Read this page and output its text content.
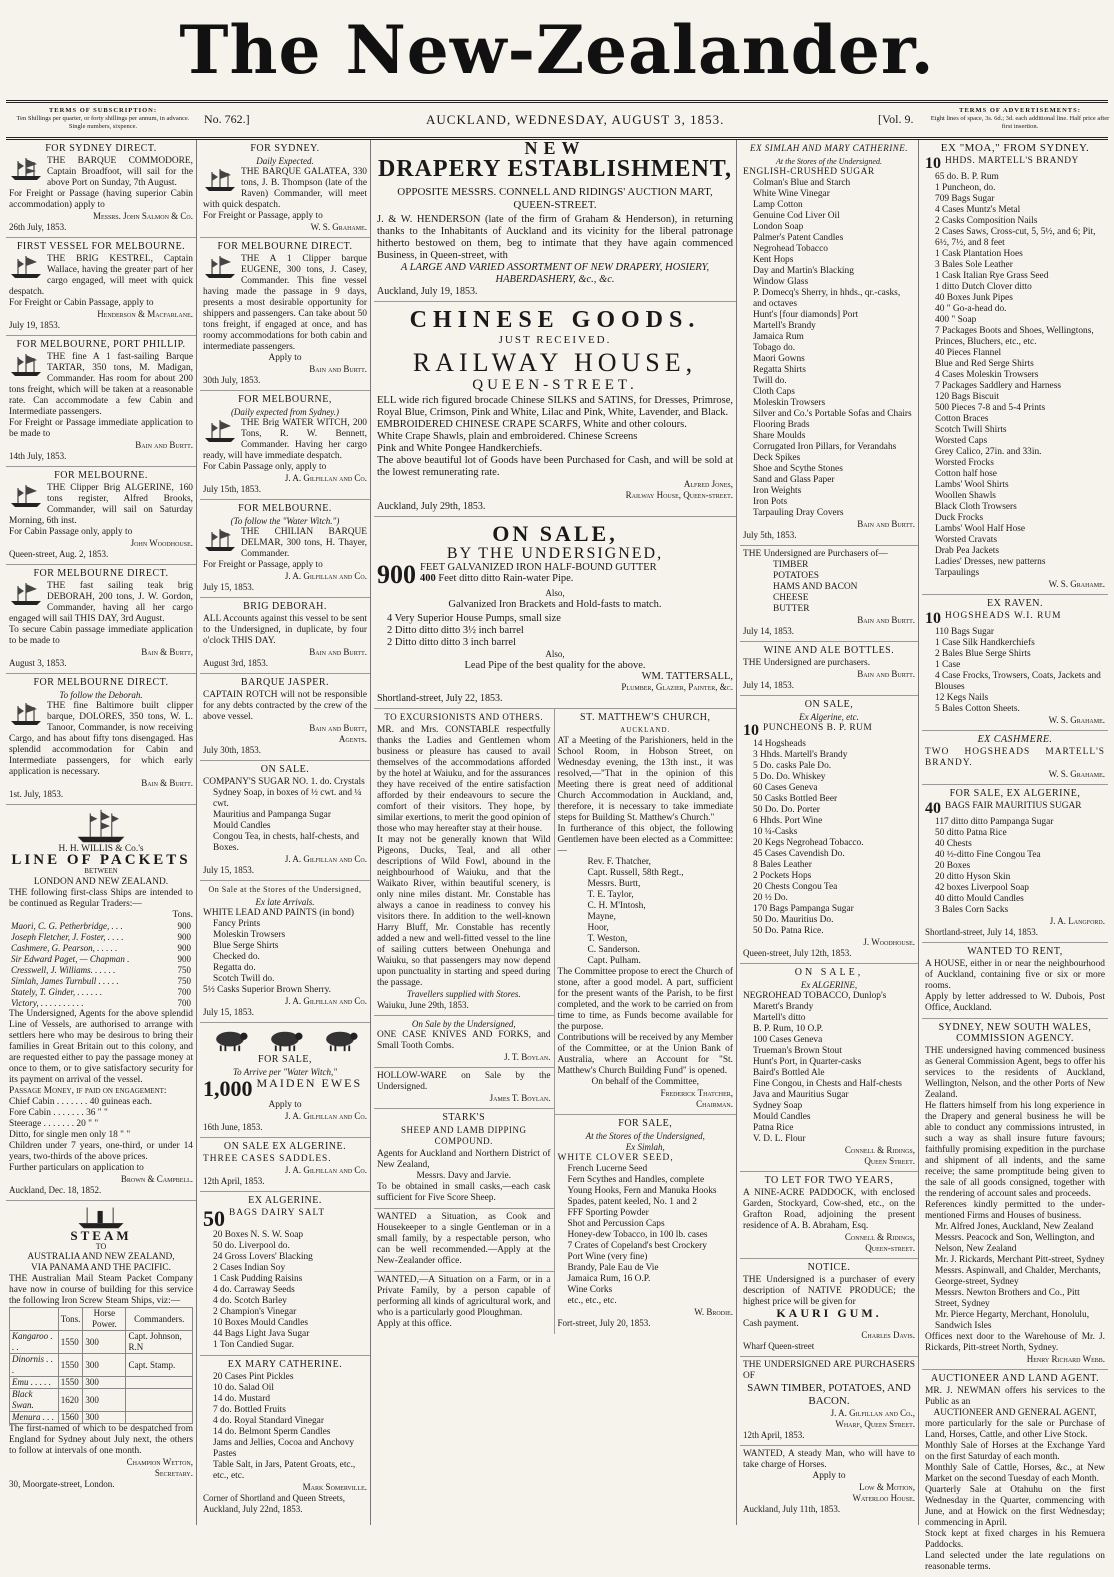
The New-Zealander.
TERMS OF SUBSCRIPTION:
Ten Shillings per quarter, or forty shillings per annum, in advance. Single numbers, sixpence.
No. 762.]	AUCKLAND, WEDNESDAY, AUGUST 3, 1853.	[Vol. 9.
TERMS OF ADVERTISEMENTS:
Eight lines of space, 3s. 6d.; 3d. each additional line. Half price after first insertion.
FOR SYDNEY DIRECT.

THE BARQUE COMMODORE, Captain Broadfoot, will sail for the above Port on Sunday, 7th August.

For Freight or Passage (having superior Cabin accommodation) apply to

Messrs. John Salmon & Co.
26th July, 1853.
FIRST VESSEL FOR MELBOURNE.

THE BRIG KESTREL, Captain Wallace, having the greater part of her cargo engaged, will meet with quick despatch.

For Freight or Cabin Passage, apply to

Henderson & Macfarlane.
July 19, 1853.
FOR MELBOURNE, PORT PHILLIP.

THE fine A 1 fast-sailing Barque TARTAR, 350 tons, M. Madigan, Commander. Has room for about 200 tons freight, which will be taken at a reasonable rate. Can accommodate a few Cabin and Intermediate passengers.

For Freight or Passage immediate application to be made to

Bain and Burtt.
14th July, 1853.
FOR MELBOURNE.

THE Clipper Brig ALGERINE, 160 tons register, Alfred Brooks, Commander, will sail on Saturday Morning, 6th inst.

For Cabin Passage only, apply to

John Woodhouse.
Queen-street, Aug. 2, 1853.
FOR MELBOURNE DIRECT.

THE fast sailing teak brig DEBORAH, 200 tons, J. W. Gordon, Commander, having all her cargo engaged will sail THIS DAY, 3rd August.

To secure Cabin passage immediate application to be made to

Bain & Burtt,
August 3, 1853.
FOR MELBOURNE DIRECT.
To follow the Deborah.

THE fine Baltimore built clipper barque, DOLORES, 350 tons, W. L. Tanoor, Commander, is now receiving Cargo, and has about fifty tons disengaged. Has splendid accommodation for Cabin and Intermediate passengers, for which early application is necessary.

Bain & Burtt.
1st. July, 1853.
H. H. WILLIS & Co.'s
LINE OF PACKETS
BETWEEN
LONDON AND NEW ZEALAND.

THE following first-class Ships are intended to be continued as Regular Traders:—

Tons.
Maori, C. G. Petherbridge, . . .	900
Joseph Fletcher, J. Foster, . . . .	900
Cashmere, G. Pearson, . . . . .	900
Sir Edward Paget, — Chapman .	900
Cresswell, J. Williams. . . . . .	750
Simlah, James Turnbull . . . . .	750
Stately, T. Ginder, . . . . . .	700
Victory, . . . . . . . . . .	700

The Undersigned, Agents for the above splendid Line of Vessels, are authorised to arrange with settlers here who may be desirous to bring their families in Great Britain out to this colony, and are requested either to pay the passage money at once to them, or to give satisfactory security for its payment on arrival of the vessel.

Passage Money, if paid on engagement:
Chief Cabin . . . . . . . 40 guineas each.
Fore Cabin . . . . . . . 36 " "
Steerage . . . . . . . 20 " "
Ditto, for single men only 18 " "

Children under 7 years, one-third, or under 14 years, two-thirds of the above prices.

Further particulars on application to

Brown & Campbell.
Auckland, Dec. 18, 1852.
STEAM
TO
AUSTRALIA AND NEW ZEALAND,
VIA PANAMA AND THE PACIFIC.

THE Australian Mail Steam Packet Company have now in course of building for this service the following Iron Screw Steam Ships, viz:—

	Tons.	Horse Power.	Commanders.
Kangaroo . . .	1550	300	Capt. Johnson, R.N
Dinornis . . .	1550	300	Capt. Stamp.
Emu . . . . .	1550	300	
Black Swan.	1620	300	
Menura . . .	1560	300	

The first-named of which to be despatched from England for Sydney about July next, the others to follow at intervals of one month.

Champion Wetton,
Secretary.
30, Moorgate-street, London.
FOR SYDNEY.
Daily Expected.

THE BARQUE GALATEA, 330 tons, J. B. Thompson (late of the Raven) Commander, will meet with quick despatch.

For Freight or Passage, apply to

W. S. Grahame.
FOR MELBOURNE DIRECT.

THE A 1 Clipper barque EUGENE, 300 tons, J. Casey, Commander. This fine vessel having made the passage in 9 days, presents a most desirable opportunity for shippers and passengers. Can take about 50 tons freight, if engaged at once, and has roomy accommodations for both cabin and intermediate passengers.

Apply to
Bain and Burtt.
30th July, 1853.
FOR MELBOURNE,
(Daily expected from Sydney.)

THE Brig WATER WITCH, 200 Tons, R. W. Bennett, Commander. Having her cargo ready, will have immediate despatch.

For Cabin Passage only, apply to

J. A. Gilfillan and Co.
July 15th, 1853.
FOR MELBOURNE.
(To follow the "Water Witch.")

THE CHILIAN BARQUE DELMAR, 300 tons, H. Thayer, Commander.

For Freight or Passage, apply to

J. A. Gilfillan and Co.
July 15, 1853.
BRIG DEBORAH.

ALL Accounts against this vessel to be sent to the Undersigned, in duplicate, by four o'clock THIS DAY.

Bain and Burtt.
August 3rd, 1853.
BARQUE JASPER.

CAPTAIN ROTCH will not be responsible for any debts contracted by the crew of the above vessel.

Bain and Burtt,
Agents.
July 30th, 1853.
ON SALE.

COMPANY'S SUGAR NO. 1. do. Crystals

Sydney Soap, in boxes of ½ cwt. and ¼ cwt.
Mauritius and Pampanga Sugar
Mould Candles
Congou Tea, in chests, half-chests, and Boxes.
J. A. Gilfillan and Co.
July 15, 1853.
On Sale at the Stores of the Undersigned,
Ex late Arrivals.

WHITE LEAD AND PAINTS (in bond)

Fancy Prints
Moleskin Trowsers
Blue Serge Shirts
Checked do.
Regatta do.
Scotch Twill do.

5½ Casks Superior Brown Sherry.

J. A. Gilfillan and Co.
July 15, 1853.
FOR SALE,
To Arrive per "Water Witch,"
1,000 MAIDEN EWES
Apply to
J. A. Gilfillan and Co.
16th June, 1853.
ON SALE EX ALGERINE.

THREE CASES SADDLES.

J. A. Gilfillan and Co.
12th April, 1853.
EX ALGERINE.
50 BAGS DAIRY SALT
20 Boxes N. S. W. Soap
50 do. Liverpool do.
24 Gross Lovers' Blacking
2 Cases Indian Soy
1 Cask Pudding Raisins
4 do. Carraway Seeds
4 do. Scotch Barley
2 Champion's Vinegar
10 Boxes Mould Candles
44 Bags Light Java Sugar
1 Ton Candied Sugar.
EX MARY CATHERINE.
20 Cases Pint Pickles
10 do. Salad Oil
14 do. Mustard
7 do. Bottled Fruits
4 do. Royal Standard Vinegar
14 do. Belmont Sperm Candles
Jams and Jellies, Cocoa and Anchovy Pastes
Table Salt, in Jars, Patent Groats, etc., etc., etc.
Mark Somerville.
Corner of Shortland and Queen Streets, Auckland, July 22nd, 1853.
NEW
DRAPERY ESTABLISHMENT,
OPPOSITE MESSRS. CONNELL AND RIDINGS' AUCTION MART, QUEEN-STREET.

J. & W. HENDERSON (late of the firm of Graham & Henderson), in returning thanks to the Inhabitants of Auckland and its vicinity for the liberal patronage hitherto bestowed on them, beg to intimate that they have again commenced Business, in Queen-street, with

A LARGE AND VARIED ASSORTMENT OF NEW DRAPERY, HOSIERY, HABERDASHERY, &c., &c.

Auckland, July 19, 1853.
CHINESE GOODS.
JUST RECEIVED.
RAILWAY HOUSE,
QUEEN-STREET.

ELL wide rich figured brocade Chinese SILKS and SATINS, for Dresses, Primrose, Royal Blue, Crimson, Pink and White, Lilac and Pink, White, Lavender, and Black.

EMBROIDERED CHINESE CRAPE SCARFS, White and other colours.

White Crape Shawls, plain and embroidered. Chinese Screens

Pink and White Pongee Handkerchiefs.

The above beautiful lot of Goods have been Purchased for Cash, and will be sold at the lowest remunerating rate.

Alfred Jones,
Railway House, Queen-street.
Auckland, July 29th, 1853.
ON SALE,
BY THE UNDERSIGNED,
900 FEET GALVANIZED IRON HALF-BOUND GUTTER
400 Feet ditto ditto Rain-water Pipe.
Also,
Galvanized Iron Brackets and Hold-fasts to match.
4 Very Superior House Pumps, small size
2 Ditto ditto ditto 3½ inch barrel
2 Ditto ditto ditto 3 inch barrel
Also,
Lead Pipe of the best quality for the above.
WM. TATTERSALL,
Plumber, Glazier, Painter, &c.
Shortland-street, July 22, 1853.
TO EXCURSIONISTS AND OTHERS.

MR. and Mrs. CONSTABLE respectfully thanks the Ladies and Gentlemen whom business or pleasure has caused to avail themselves of the accommodations afforded by the hotel at Waiuku, and for the assurances they have received of the entire satisfaction afforded by their endeavours to secure the comfort of their visitors. They hope, by similar exertions, to merit the good opinion of those who may hereafter stay at their house.

It may not be generally known that Wild Pigeons, Ducks, Teal, and all other descriptions of Wild Fowl, abound in the neighbourhood of Waiuku, and that the Waikato River, within beautiful scenery, is only nine miles distant. Mr. Constable has always a canoe in readiness to convey his visitors there. In addition to the well-known Harry Bluff, Mr. Constable has recently added a new and well-fitted vessel to the line of sailing cutters between Onehunga and Waiuku, so that passengers may now depend upon punctuality in starting and speed during the passage.

Travellers supplied with Stores.
Waiuku, June 29th, 1853.
On Sale by the Undersigned,

ONE CASE KNIVES AND FORKS, and Small Tooth Combs.

J. T. Boylan.

HOLLOW-WARE on Sale by the Undersigned.

James T. Boylan.
STARK'S
SHEEP AND LAMB DIPPING COMPOUND.

Agents for Auckland and Northern District of New Zealand,

Messrs. Davy and Jarvie.

To be obtained in small casks,—each cask sufficient for Five Score Sheep.

WANTED a Situation, as Cook and Housekeeper to a single Gentleman or in a small family, by a respectable person, who can be well recommended.—Apply at the New-Zealander office.

WANTED,—A Situation on a Farm, or in a Private Family, by a person capable of performing all kinds of agricultural work, and who is a particularly good Ploughman.

Apply at this office.

ST. MATTHEW'S CHURCH,
AUCKLAND.

AT a Meeting of the Parishioners, held in the School Room, in Hobson Street, on Wednesday evening, the 13th inst., it was resolved,—"That in the opinion of this Meeting there is great need of additional Church Accommodation in Auckland, and, therefore, it is necessary to take immediate steps for Building St. Matthew's Church."

In furtherance of this object, the following Gentlemen have been elected as a Committee:—

Rev. F. Thatcher,
Capt. Russell, 58th Regt.,
Messrs. Burtt,
T. E. Taylor,
C. H. M'Intosh,
Mayne,
Hoor,
T. Weston,
C. Sanderson.
Capt. Pulham.

The Committee propose to erect the Church of stone, after a good model. A part, sufficient for the present wants of the Parish, to be first completed, and the work to be carried on from time to time, as Funds become available for the purpose.

Contributions will be received by any Member of the Committee, or at the Union Bank of Australia, where an Account for "St. Matthew's Church Building Fund" is opened.

On behalf of the Committee,

Frederick Thatcher,
Chairman.
FOR SALE,
At the Stores of the Undersigned,
Ex Simlah,

WHITE CLOVER SEED,

French Lucerne Seed
Fern Scythes and Handles, complete
Young Hooks, Fern and Manuka Hooks
Spades, patent keeled, No. 1 and 2
FFF Sporting Powder
Shot and Percussion Caps
Honey-dew Tobacco, in 100 lb. cases
7 Crates of Copeland's best Crockery
Port Wine (very fine)
Brandy, Pale Eau de Vie
Jamaica Rum, 16 O.P.
Wine Corks
etc., etc., etc.
W. Brodie.
Fort-street, July 20, 1853.
EX SIMLAH AND MARY CATHERINE.
At the Stores of the Undersigned.

ENGLISH-CRUSHED SUGAR

Colman's Blue and Starch
White Wine Vinegar
Lamp Cotton
Genuine Cod Liver Oil
London Soap
Palmer's Patent Candles
Negrohead Tobacco
Kent Hops
Day and Martin's Blacking
Window Glass
P. Domecq's Sherry, in hhds., qr.-casks, and octaves
Hunt's [four diamonds] Port
Martell's Brandy
Jamaica Rum
Tobago do.
Maori Gowns
Regatta Shirts
Twill do.
Cloth Caps
Moleskin Trowsers
Silver and Co.'s Portable Sofas and Chairs
Flooring Brads
Share Moulds
Corrugated Iron Pillars, for Verandahs
Deck Spikes
Shoe and Scythe Stones
Sand and Glass Paper
Iron Weights
Iron Pots
Tarpauling Dray Covers
Bain and Burtt.
July 5th, 1853.

THE Undersigned are Purchasers of—

TIMBER
POTATOES
HAMS AND BACON
CHEESE
BUTTER
Bain and Burtt.
July 14, 1853.
WINE AND ALE BOTTLES.

THE Undersigned are purchasers.

Bain and Burtt.
July 14, 1853.
ON SALE,
Ex Algerine, etc.
10 PUNCHEONS B. P. RUM
14 Hogsheads
3 Hhds. Martell's Brandy
5 Do. casks Pale Do.
5 Do. Do. Whiskey
60 Cases Geneva
50 Casks Bottled Beer
50 Do. Do. Porter
6 Hhds. Port Wine
10 ¼-Casks
20 Kegs Negrohead Tobacco.
45 Cases Cavendish Do.
8 Bales Leather
2 Pockets Hops
20 Chests Congou Tea
20 ½ Do.
170 Bags Pampanga Sugar
50 Do. Mauritius Do.
50 Do. Patna Rice.
J. Woodhouse.
Queen-street, July 12th, 1853.
ON SALE,
Ex ALGERINE,

NEGROHEAD TOBACCO, Dunlop's

Marett's Brandy
Martell's ditto
B. P. Rum, 10 O.P.
100 Cases Geneva
Trueman's Brown Stout
Hunt's Port, in Quarter-casks
Baird's Bottled Ale
Fine Congou, in Chests and Half-chests
Java and Mauritius Sugar
Sydney Soap
Mould Candles
Patna Rice
V. D. L. Flour
Connell & Ridings,
Queen Street.
TO LET FOR TWO YEARS,

A NINE-ACRE PADDOCK, with enclosed Garden, Stockyard, Cow-shed, etc., on the Grafton Road, adjoining the present residence of A. B. Abraham, Esq.

Connell & Ridings,
Queen-street.
NOTICE.

THE Undersigned is a purchaser of every description of NATIVE PRODUCE; the highest price will be given for

KAURI GUM.

Cash payment.

Charles Davis.
Wharf Queen-street

THE UNDERSIGNED ARE PURCHASERS OF

SAWN TIMBER, POTATOES, AND BACON.
J. A. Gilfillan and Co.,
Wharf, Queen Street.
12th April, 1853.

WANTED, A steady Man, who will have to take charge of Horses.

Apply to
Low & Motion,
Waterloo House.
Auckland, July 11th, 1853.
EX "MOA," FROM SYDNEY.
10 HHDS. MARTELL'S BRANDY
65 do. B. P. Rum
1 Puncheon, do.
709 Bags Sugar
4 Cases Muntz's Metal
2 Casks Composition Nails
2 Cases Saws, Cross-cut, 5, 5½, and 6; Pit, 6½, 7½, and 8 feet
1 Cask Plantation Hoes
3 Bales Sole Leather
1 Cask Italian Rye Grass Seed
1 ditto Dutch Clover ditto
40 Boxes Junk Pipes
40 " Go-a-head do.
400 " Soap
7 Packages Boots and Shoes, Wellingtons, Princes, Bluchers, etc., etc.
40 Pieces Flannel
Blue and Red Serge Shirts
4 Cases Moleskin Trowsers
7 Packages Saddlery and Harness
120 Bags Biscuit
500 Pieces 7-8 and 5-4 Prints
Cotton Braces
Scotch Twill Shirts
Worsted Caps
Grey Calico, 27in. and 33in.
Worsted Frocks
Cotton half hose
Lambs' Wool Shirts
Woollen Shawls
Black Cloth Trowsers
Duck Frocks
Lambs' Wool Half Hose
Worsted Cravats
Drab Pea Jackets
Ladies' Dresses, new patterns
Tarpaulings
W. S. Grahame.
EX RAVEN.
10 HOGSHEADS W.I. RUM
110 Bags Sugar
1 Case Silk Handkerchiefs
2 Bales Blue Serge Shirts
1 Case
4 Case Frocks, Trowsers, Coats, Jackets and Blouses
12 Kegs Nails
5 Bales Cotton Sheets.
W. S. Grahame.
EX CASHMERE.

TWO HOGSHEADS MARTELL'S BRANDY.

W. S. Grahame.
FOR SALE, EX ALGERINE,
40 BAGS FAIR MAURITIUS SUGAR
117 ditto ditto Pampanga Sugar
50 ditto Patna Rice
40 Chests
40 ½-ditto Fine Congou Tea
20 Boxes
20 ditto Hyson Skin
42 boxes Liverpool Soap
40 ditto Mould Candles
3 Bales Corn Sacks
J. A. Langford.
Shortland-street, July 14, 1853.
WANTED TO RENT,

A HOUSE, either in or near the neighbourhood of Auckland, containing five or six or more rooms.

Apply by letter addressed to W. Dubois, Post Office, Auckland.

SYDNEY, NEW SOUTH WALES, COMMISSION AGENCY.

THE undersigned having commenced business as General Commission Agent, begs to offer his services to the residents of Auckland, Wellington, Nelson, and the other Ports of New Zealand.

He flatters himself from his long experience in the Drapery and general business he will be able to conduct any commissions intrusted, in such a way as shall insure future favours; faithfully promising expedition in the purchase and shipment of all indents, and the same receive; the same promptitude being given to the sale of all goods consigned, together with the rendering of account sales and proceeds.

References kindly permitted to the under-mentioned Firms and Houses of business.

Mr. Alfred Jones, Auckland, New Zealand
Messrs. Peacock and Son, Wellington, and Nelson, New Zealand
Mr. J. Rickards, Merchant Pitt-street, Sydney
Messrs. Aspinwall, and Chalder, Merchants, George-street, Sydney
Messrs. Newton Brothers and Co., Pitt Street, Sydney
Mr. Pierce Hegarty, Merchant, Honolulu, Sandwich Isles

Offices next door to the Warehouse of Mr. J. Rickards, Pitt-street North, Sydney.

Henry Richard Webb.
AUCTIONEER AND LAND AGENT.

MR. J. NEWMAN offers his services to the Public as an

AUCTIONEER AND GENERAL AGENT,

more particularly for the sale or Purchase of Land, Horses, Cattle, and other Live Stock.

Monthly Sale of Horses at the Exchange Yard on the first Saturday of each month.

Monthly Sale of Cattle, Horses, &c., at New Market on the second Tuesday of each Month.

Quarterly Sale at Otahuhu on the first Wednesday in the Quarter, commencing with June, and at Howick on the first Wednesday; commencing in April.

Stock kept at fixed charges in his Remuera Paddocks.

Land selected under the late regulations on reasonable terms.
